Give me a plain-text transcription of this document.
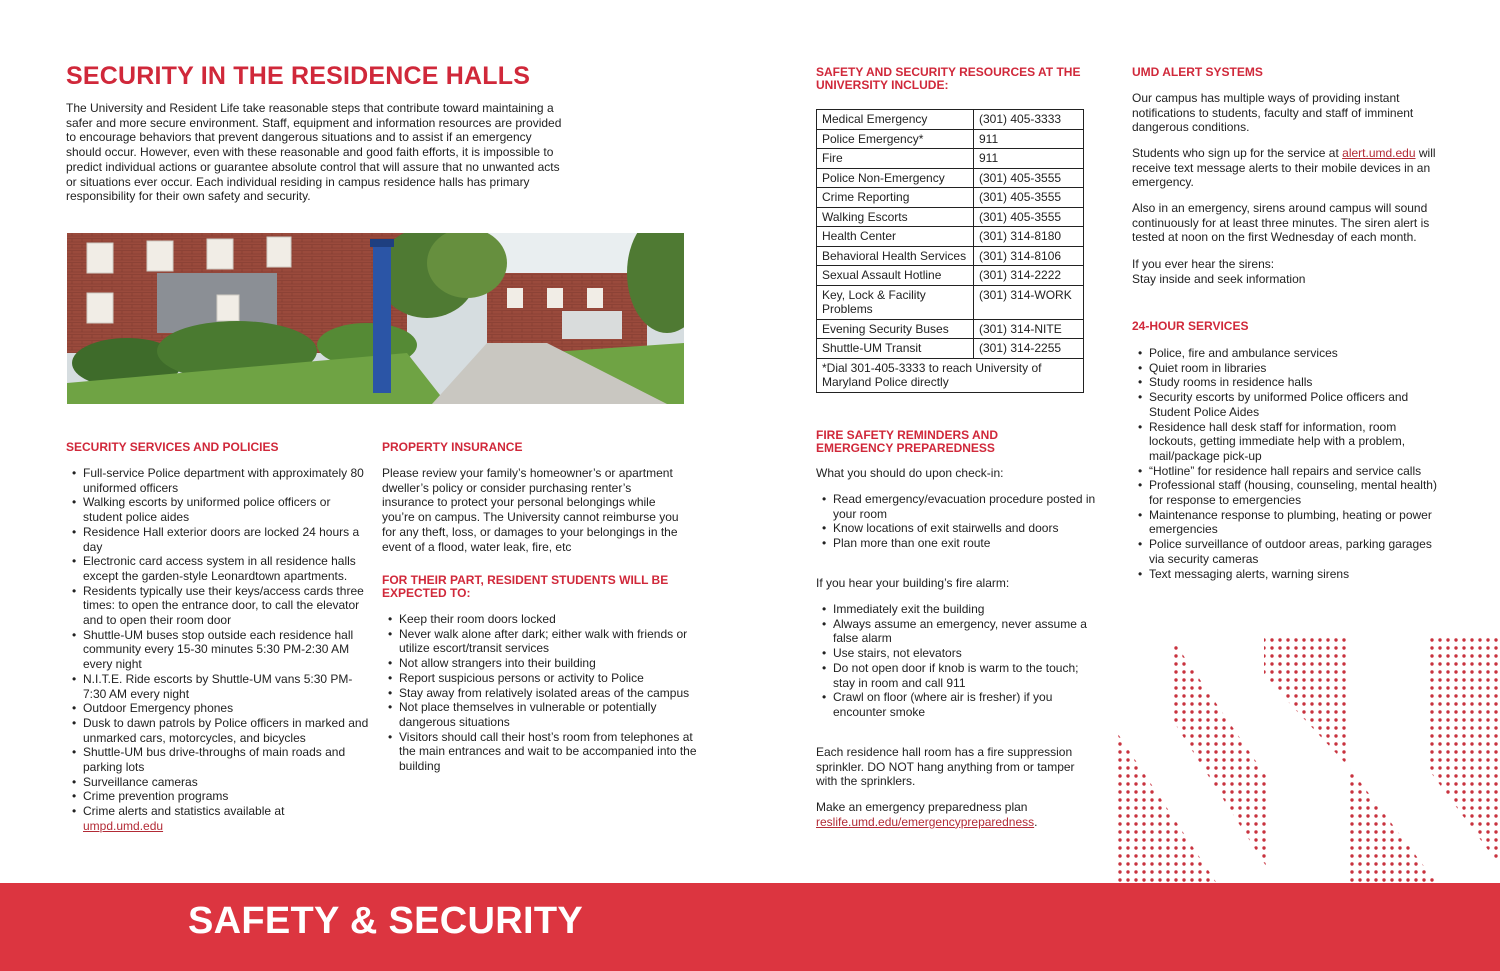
SECURITY IN THE RESIDENCE HALLS

The University and Resident Life take reasonable steps that contribute toward maintaining a safer and more secure environment. Staff, equipment and information resources are provided to encourage behaviors that prevent dangerous situations and to assist if an emergency should occur. However, even with these reasonable and good faith efforts, it is impossible to predict individual actions or guarantee absolute control that will assure that no unwanted acts or situations ever occur. Each individual residing in campus residence halls has primary responsibility for their own safety and security.

SECURITY SERVICES AND POLICIES
• Full-service Police department with approximately 80 uniformed officers
• Walking escorts by uniformed police officers or student police aides
• Residence Hall exterior doors are locked 24 hours a day
• Electronic card access system in all residence halls except the garden-style Leonardtown apartments.
• Residents typically use their keys/access cards three times: to open the entrance door, to call the elevator and to open their room door
• Shuttle-UM buses stop outside each residence hall community every 15-30 minutes 5:30 PM-2:30 AM every night
• N.I.T.E. Ride escorts by Shuttle-UM vans 5:30 PM-7:30 AM every night
• Outdoor Emergency phones
• Dusk to dawn patrols by Police officers in marked and unmarked cars, motorcycles, and bicycles
• Shuttle-UM bus drive-throughs of main roads and parking lots
• Surveillance cameras
• Crime prevention programs
• Crime alerts and statistics available at
umpd.umd.edu
PROPERTY INSURANCE

Please review your family’s homeowner’s or apartment dweller’s policy or consider purchasing renter’s insurance to protect your personal belongings while you’re on campus. The University cannot reimburse you for any theft, loss, or damages to your belongings in the event of a flood, water leak, fire, etc

FOR THEIR PART, RESIDENT STUDENTS WILL BE EXPECTED TO:
• Keep their room doors locked
• Never walk alone after dark; either walk with friends or utilize escort/transit services
• Not allow strangers into their building
• Report suspicious persons or activity to Police
• Stay away from relatively isolated areas of the campus
• Not place themselves in vulnerable or potentially dangerous situations
• Visitors should call their host’s room from telephones at the main entrances and wait to be accompanied into the building
SAFETY AND SECURITY RESOURCES AT THE UNIVERSITY INCLUDE:
Medical Emergency	(301) 405-3333
Police Emergency*	911
Fire	911
Police Non-Emergency	(301) 405-3555
Crime Reporting	(301) 405-3555
Walking Escorts	(301) 405-3555
Health Center	(301) 314-8180
Behavioral Health Services	(301) 314-8106
Sexual Assault Hotline	(301) 314-2222
Key, Lock & Facility Problems	(301) 314-WORK
Evening Security Buses	(301) 314-NITE
Shuttle-UM Transit	(301) 314-2255
*Dial 301-405-3333 to reach University of Maryland Police directly	
FIRE SAFETY REMINDERS AND EMERGENCY PREPAREDNESS

What you should do upon check-in:

• Read emergency/evacuation procedure posted in your room
• Know locations of exit stairwells and doors
• Plan more than one exit route

If you hear your building’s fire alarm:

• Immediately exit the building
• Always assume an emergency, never assume a false alarm
• Use stairs, not elevators
• Do not open door if knob is warm to the touch; stay in room and call 911
• Crawl on floor (where air is fresher) if you encounter smoke

Each residence hall room has a fire suppression sprinkler. DO NOT hang anything from or tamper with the sprinklers.

Make an emergency preparedness plan
reslife.umd.edu/emergencypreparedness.

UMD ALERT SYSTEMS

Our campus has multiple ways of providing instant notifications to students, faculty and staff of imminent dangerous conditions.

Students who sign up for the service at alert.umd.edu will receive text message alerts to their mobile devices in an emergency.

Also in an emergency, sirens around campus will sound continuously for at least three minutes. The siren alert is tested at noon on the first Wednesday of each month.

If you ever hear the sirens:
Stay inside and seek information

24-HOUR SERVICES
• Police, fire and ambulance services
• Quiet room in libraries
• Study rooms in residence halls
• Security escorts by uniformed Police officers and Student Police Aides
• Residence hall desk staff for information, room lockouts, getting immediate help with a problem, mail/package pick-up
• “Hotline” for residence hall repairs and service calls
• Professional staff (housing, counseling, mental health) for response to emergencies
• Maintenance response to plumbing, heating or power emergencies
• Police surveillance of outdoor areas, parking garages via security cameras
• Text messaging alerts, warning sirens
SAFETY & SECURITY
